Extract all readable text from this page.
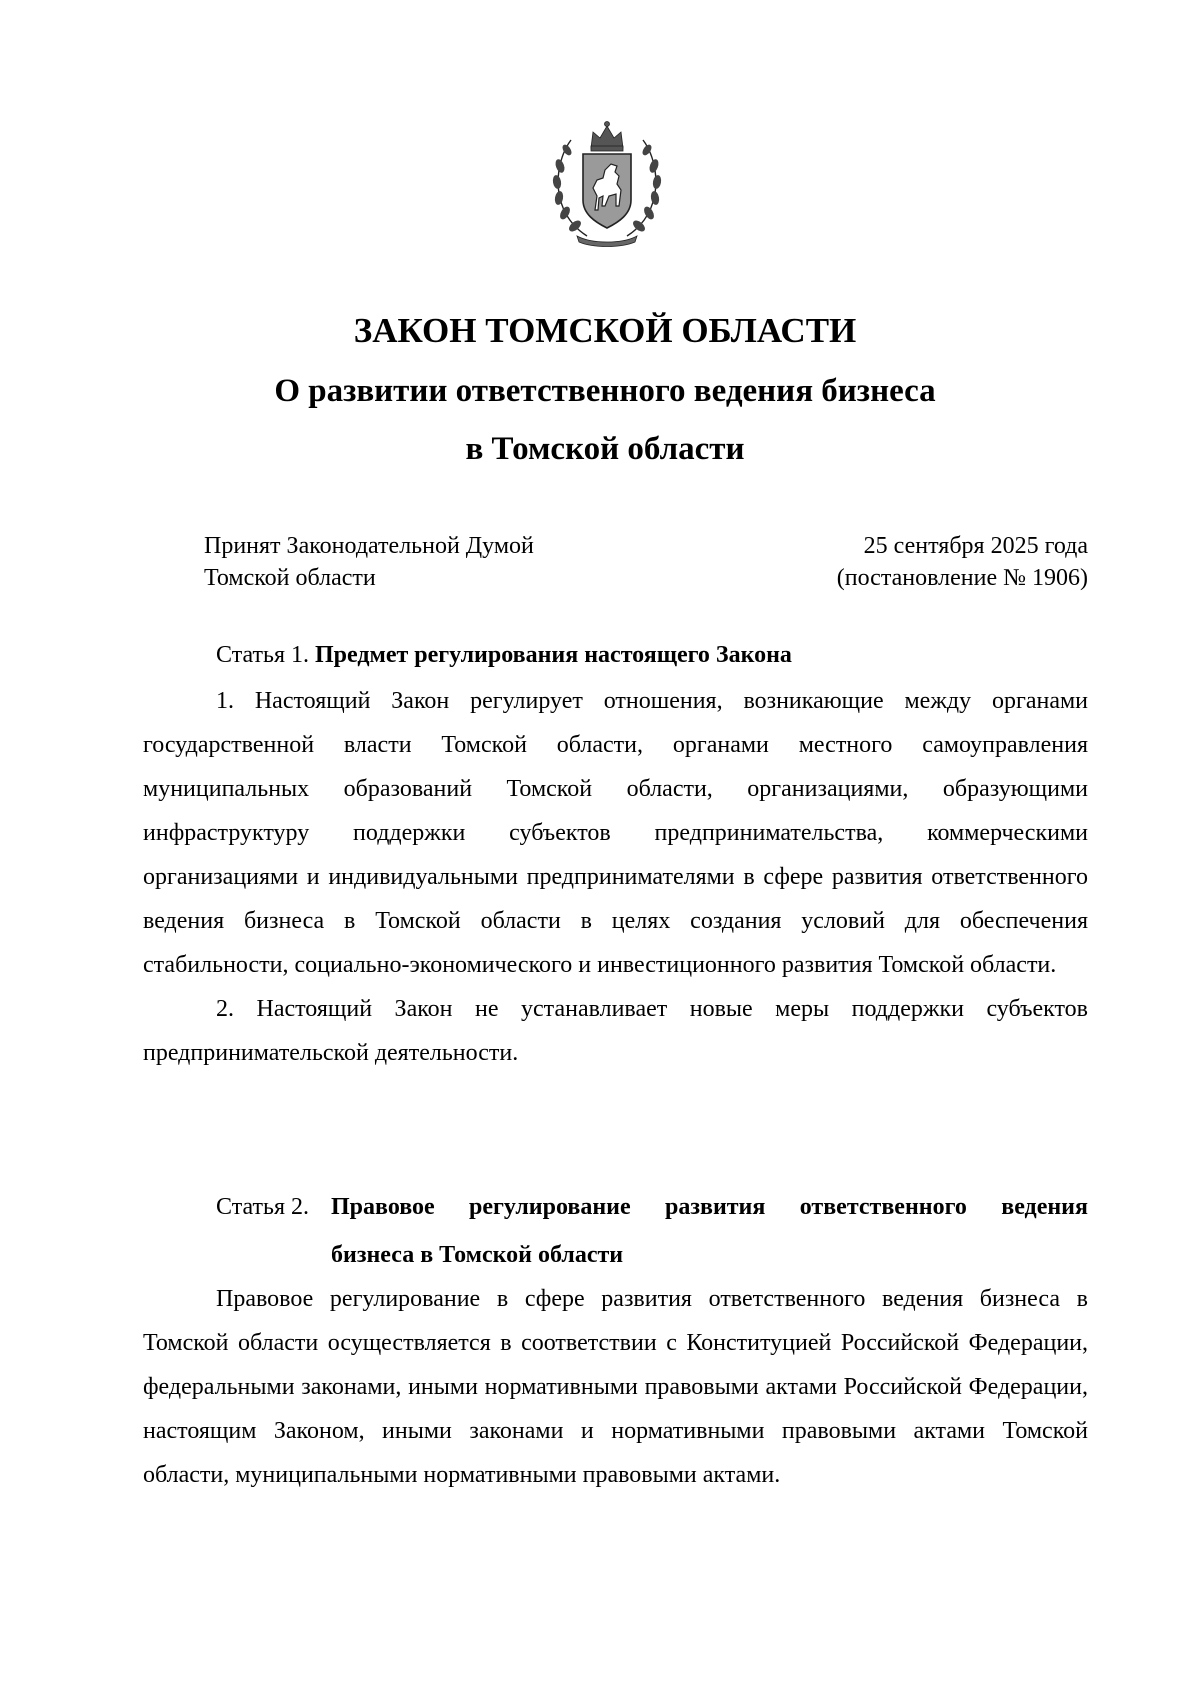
ЗАКОН ТОМСКОЙ ОБЛАСТИ

О развитии ответственного ведения бизнеса

в Томской области

Принят Законодательной Думой
Томской области
25 сентября 2025 года
(постановление № 1906)
Статья 1. Предмет регулирования настоящего Закона

1. Настоящий Закон регулирует отношения, возникающие между органами государственной власти Томской области, органами местного самоуправления муниципальных образований Томской области, организациями, образующими инфраструктуру поддержки субъектов предпринимательства, коммерческими организациями и индивидуальными предпринимателями в сфере развития ответственного ведения бизнеса в Томской области в целях создания условий для обеспечения стабильности, социально-экономического и инвестиционного развития Томской области.

2. Настоящий Закон не устанавливает новые меры поддержки субъектов предпринимательской деятельности.

Статья 2. Правовое регулирование развития ответственного ведения
бизнеса в Томской области

Правовое регулирование в сфере развития ответственного ведения бизнеса в Томской области осуществляется в соответствии с Конституцией Российской Федерации, федеральными законами, иными нормативными правовыми актами Российской Федерации, настоящим Законом, иными законами и нормативными правовыми актами Томской области, муниципальными нормативными правовыми актами.
